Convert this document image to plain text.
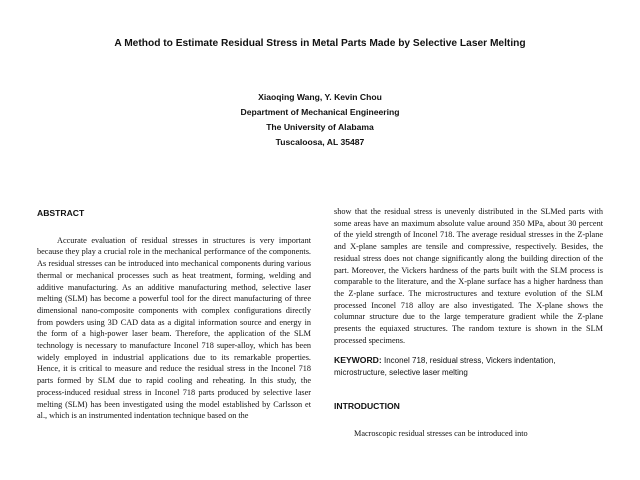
A Method to Estimate Residual Stress in Metal Parts Made by Selective Laser Melting
Xiaoqing Wang, Y. Kevin Chou
Department of Mechanical Engineering
The University of Alabama
Tuscaloosa, AL 35487
ABSTRACT

Accurate evaluation of residual stresses in structures is very important because they play a crucial role in the mechanical performance of the components. As residual stresses can be introduced into mechanical components during various thermal or mechanical processes such as heat treatment, forming, welding and additive manufacturing. As an additive manufacturing method, selective laser melting (SLM) has become a powerful tool for the direct manufacturing of three dimensional nano-composite components with complex configurations directly from powders using 3D CAD data as a digital information source and energy in the form of a high-power laser beam. Therefore, the application of the SLM technology is necessary to manufacture Inconel 718 super-alloy, which has been widely employed in industrial applications due to its remarkable properties. Hence, it is critical to measure and reduce the residual stress in the Inconel 718 parts formed by SLM due to rapid cooling and reheating. In this study, the process-induced residual stress in Inconel 718 parts produced by selective laser melting (SLM) has been investigated using the model established by Carlsson et al., which is an instrumented indentation technique based on the

show that the residual stress is unevenly distributed in the SLMed parts with some areas have an maximum absolute value around 350 MPa, about 30 percent of the yield strength of Inconel 718. The average residual stresses in the Z-plane and X-plane samples are tensile and compressive, respectively. Besides, the residual stress does not change significantly along the building direction of the part. Moreover, the Vickers hardness of the parts built with the SLM process is comparable to the literature, and the X-plane surface has a higher hardness than the Z-plane surface. The microstructures and texture evolution of the SLM processed Inconel 718 alloy are also investigated. The X-plane shows the columnar structure due to the large temperature gradient while the Z-plane presents the equiaxed structures. The random texture is shown in the SLM processed specimens.

KEYWORD: Inconel 718, residual stress, Vickers indentation, microstructure, selective laser melting
INTRODUCTION

Macroscopic residual stresses can be introduced into
